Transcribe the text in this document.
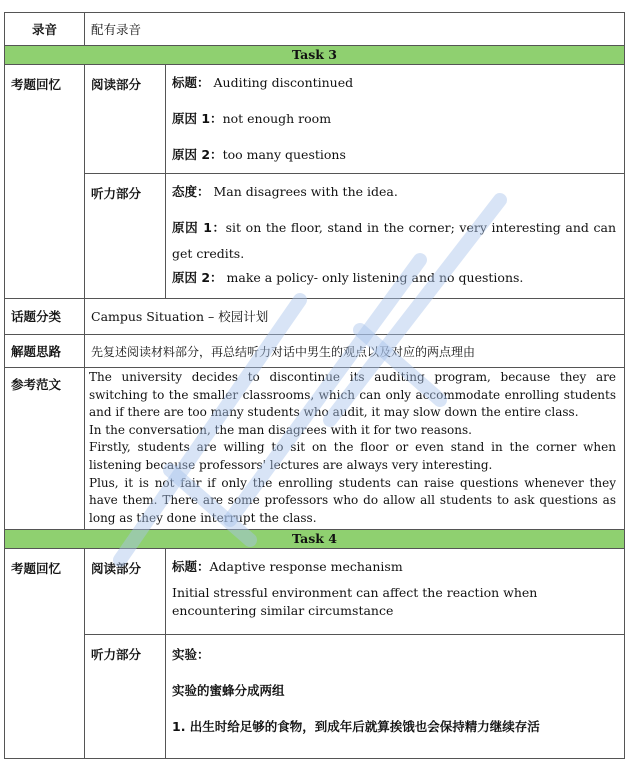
录音	配有录音	
Task 3		
考题回忆	阅读部分	标题： Auditing discontinued
原因 1：not enough room
原因 2：too many questions

	听力部分	态度： Man disagrees with the idea.
原因 1：sit on the floor, stand in the corner; very interesting and can get credits.
原因 2： make a policy- only listening and no questions.

话题分类	Campus Situation – 校园计划	
解题思路	先复述阅读材料部分，再总结听力对话中男生的观点以及对应的两点理由	
参考范文	The university decides to discontinue its auditing program, because they are switching to the smaller classrooms, which can only accommodate enrolling students and if there are too many students who audit, it may slow down the entire class.
In the conversation, the man disagrees with it for two reasons.
Firstly, students are willing to sit on the floor or even stand in the corner when listening because professors' lectures are always very interesting.
Plus, it is not fair if only the enrolling students can raise questions whenever they have them. There are some professors who do allow all students to ask questions as long as they done interrupt the class.	

Task 4		
考题回忆	阅读部分	标题：Adaptive response mechanism
Initial stressful environment can affect the reaction when encountering similar circumstance

	听力部分	实验：
实验的蜜蜂分成两组
1. 出生时给足够的食物，到成年后就算挨饿也会保持精力继续存活
